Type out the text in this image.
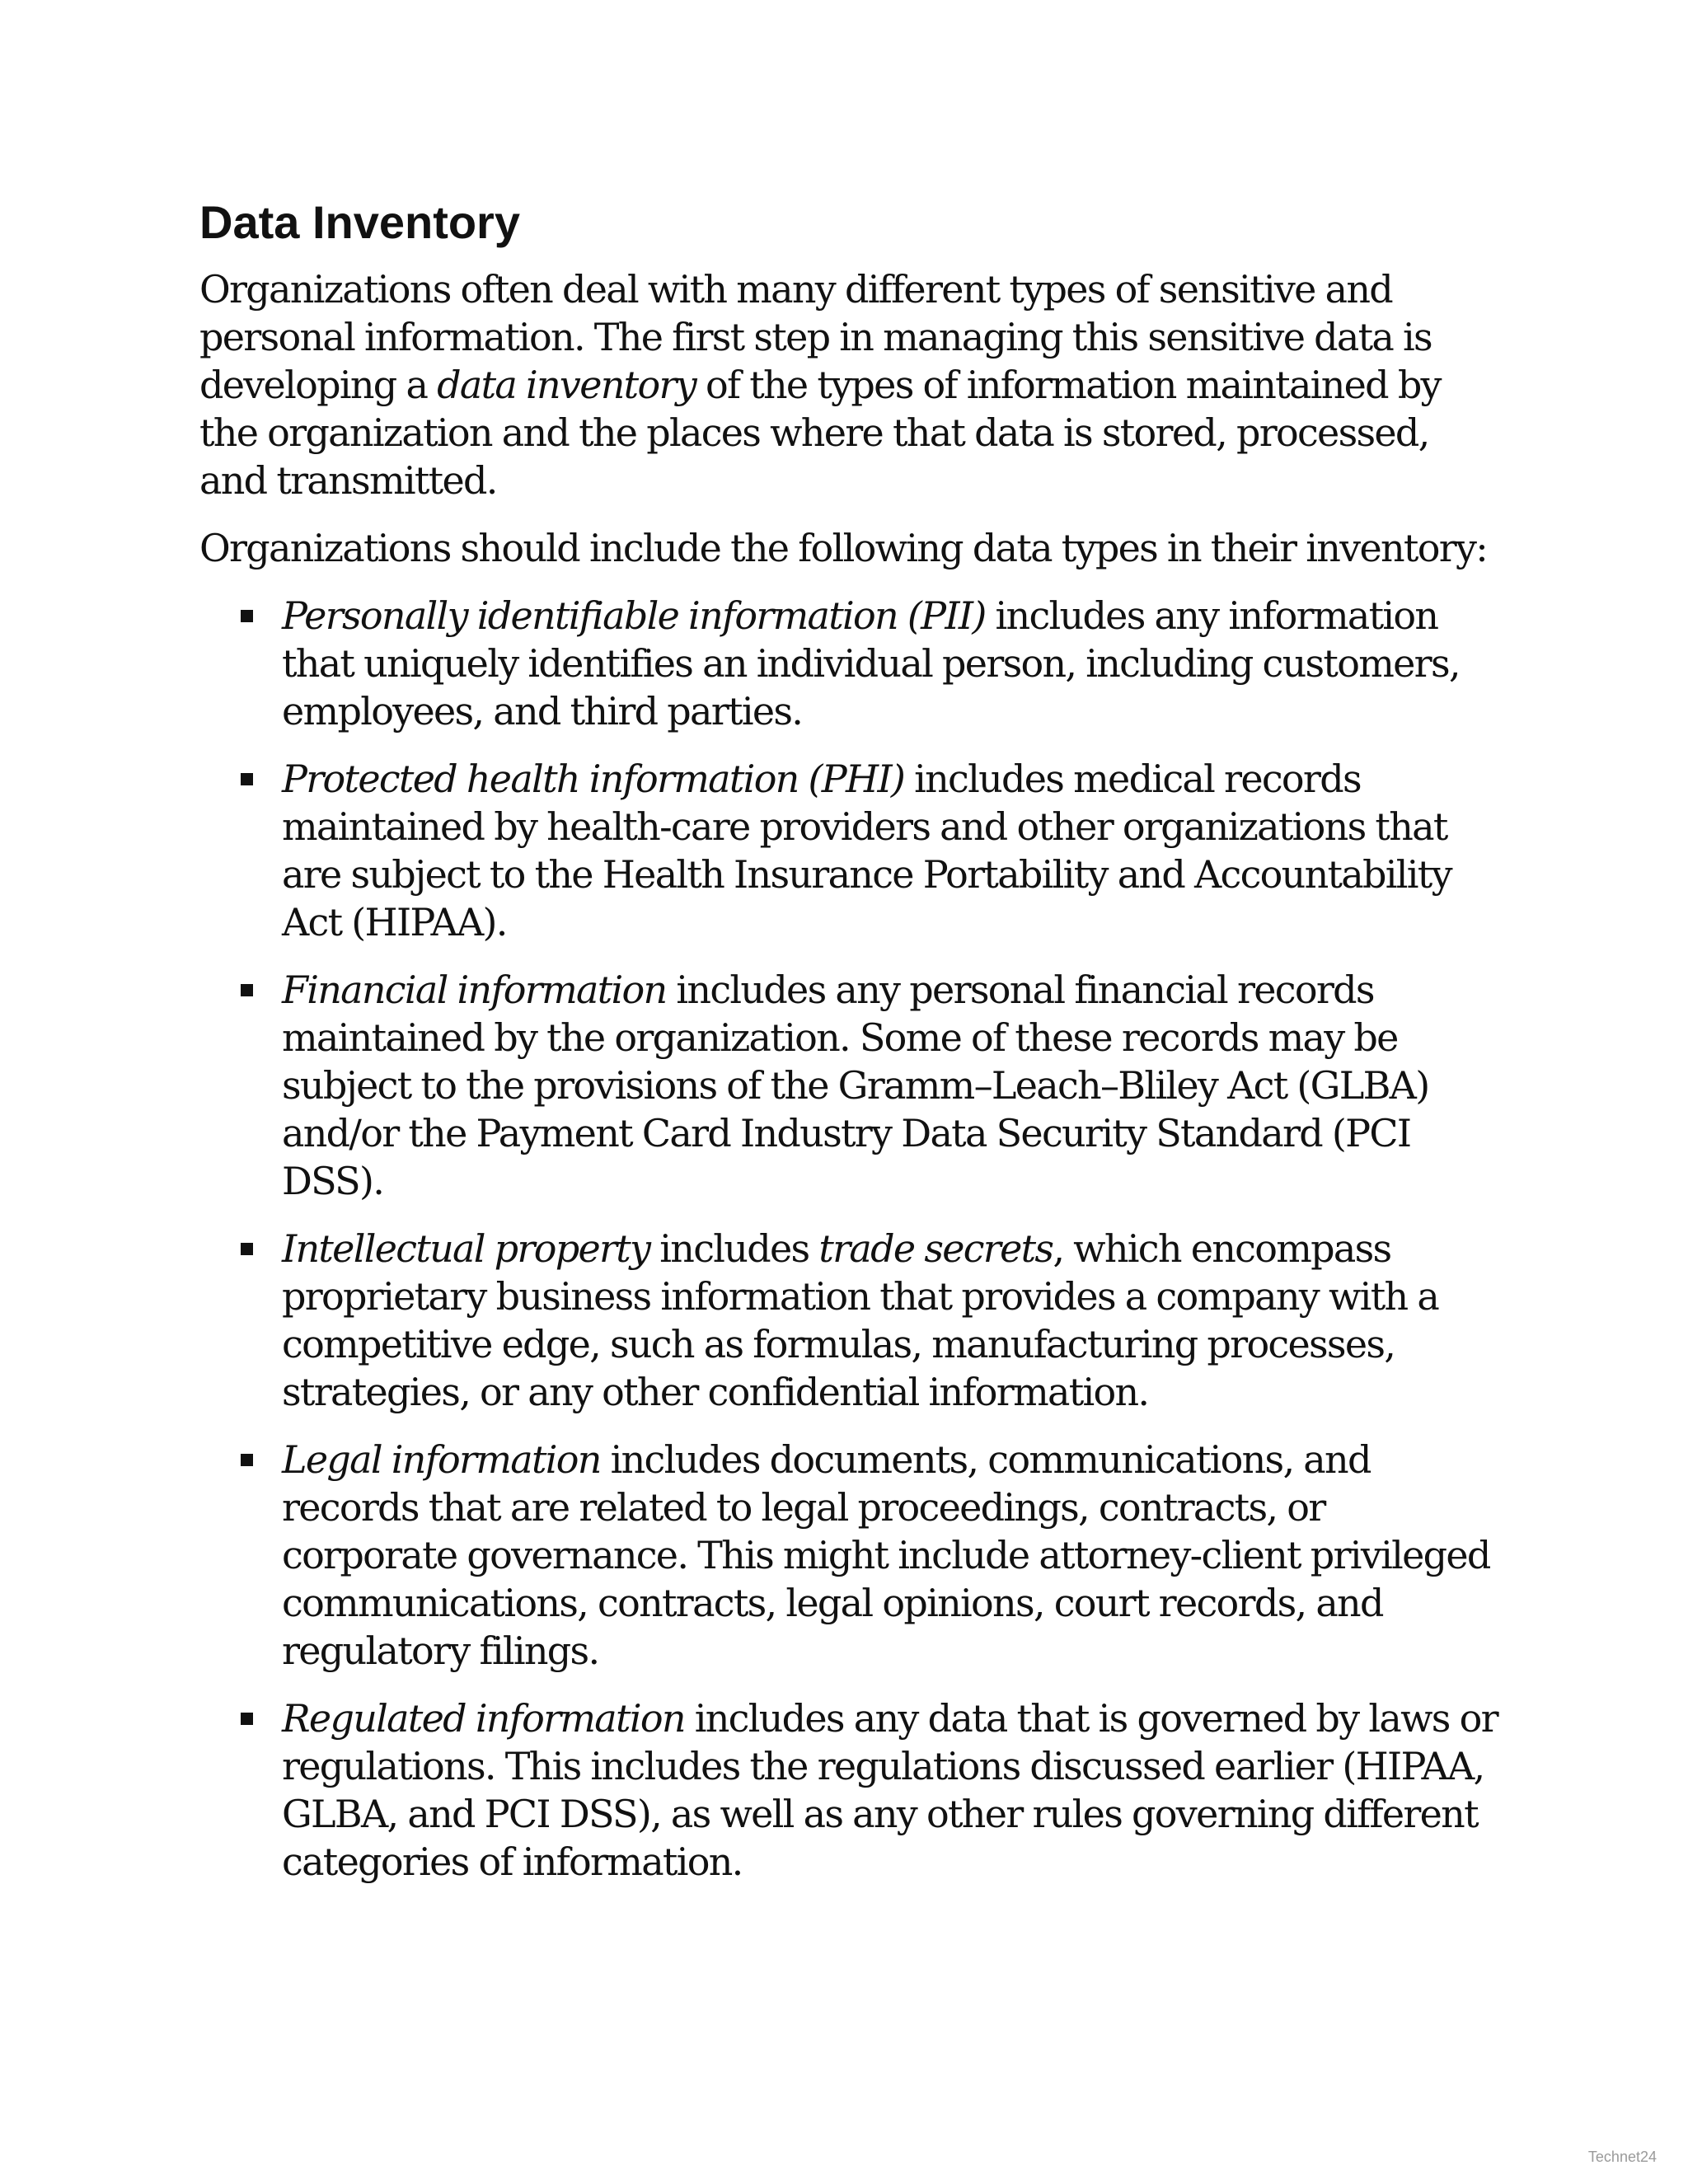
Data Inventory

Organizations often deal with many different types of sensitive and personal information. The first step in managing this sensitive data is developing a data inventory of the types of information maintained by the organization and the places where that data is stored, processed, and transmitted.

Organizations should include the following data types in their inventory:

Personally identifiable information (PII) includes any information that uniquely identifies an individual person, including customers, employees, and third parties.
Protected health information (PHI) includes medical records maintained by health-care providers and other organizations that are subject to the Health Insurance Portability and Accountability Act (HIPAA).
Financial information includes any personal financial records maintained by the organization. Some of these records may be subject to the provisions of the Gramm–Leach–Bliley Act (GLBA) and/or the Payment Card Industry Data Security Standard (PCI DSS).
Intellectual property includes trade secrets, which encompass proprietary business information that provides a company with a competitive edge, such as formulas, manufacturing processes, strategies, or any other confidential information.
Legal information includes documents, communications, and records that are related to legal proceedings, contracts, or corporate governance. This might include attorney-client privileged communications, contracts, legal opinions, court records, and regulatory filings.
Regulated information includes any data that is governed by laws or regulations. This includes the regulations discussed earlier (HIPAA, GLBA, and PCI DSS), as well as any other rules governing different categories of information.
Technet24
